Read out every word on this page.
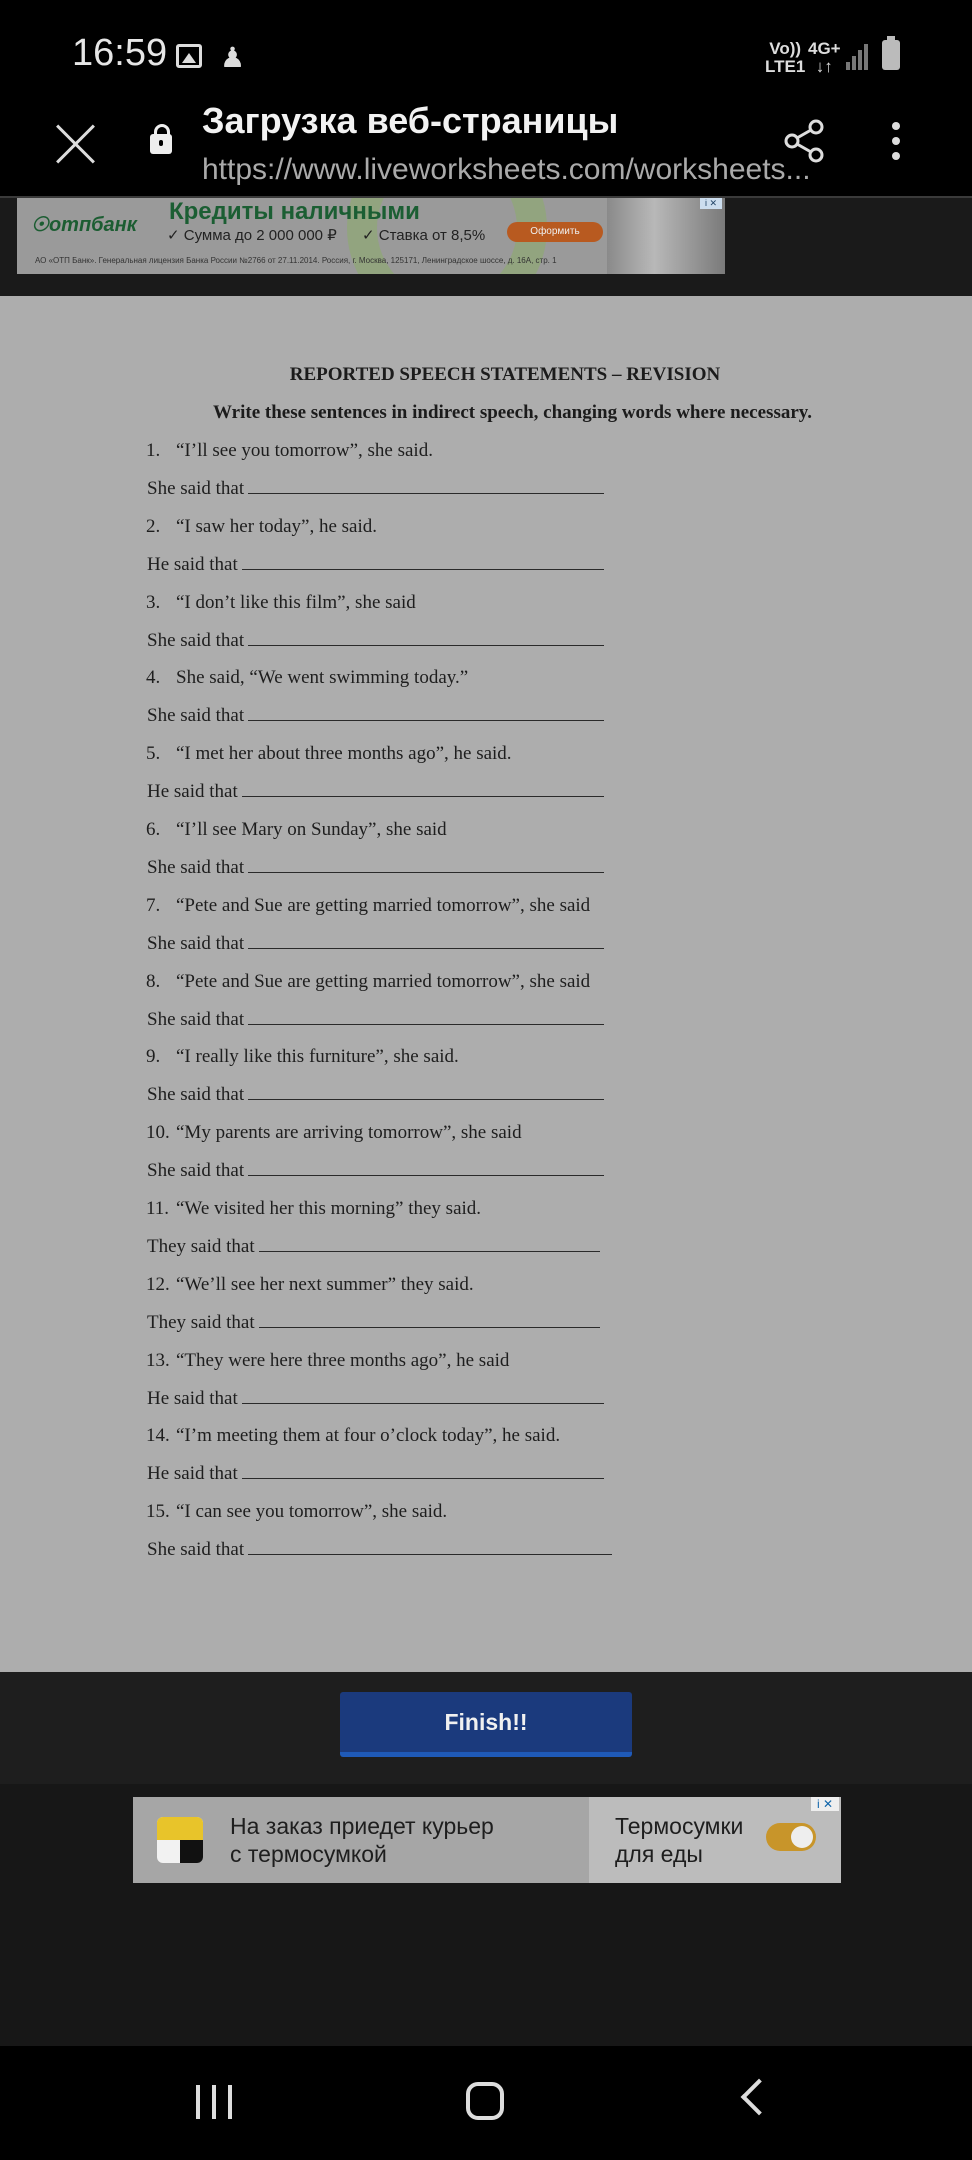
16:59 ♟	Vo))
LTE1
4G+
↓↑
Загрузка веб-страницы
https://www.liveworksheets.com/worksheets...
☉ отпбанк Кредиты наличными
✓ Сумма до 2 000 000 ₽ ✓ Ставка от 8,5%	Оформить
АО «ОТП Банк». Генеральная лицензия Банка России №2766 от 27.11.2014. Россия, г. Москва, 125171, Ленинградское шоссе, д. 16А, стр. 1
i ✕
REPORTED SPEECH STATEMENTS – REVISION
Write these sentences in indirect speech, changing words where necessary.
1. “I’ll see you tomorrow”, she said.
She said that
2. “I saw her today”, he said.
He said that
3. “I don’t like this film”, she said
She said that
4. She said, “We went swimming today.”
She said that
5. “I met her about three months ago”, he said.
He said that
6. “I’ll see Mary on Sunday”, she said
She said that
7. “Pete and Sue are getting married tomorrow”, she said
She said that
8. “Pete and Sue are getting married tomorrow”, she said
She said that
9. “I really like this furniture”, she said.
She said that
10. “My parents are arriving tomorrow”, she said
She said that
11. “We visited her this morning” they said.
They said that
12. “We’ll see her next summer” they said.
They said that
13. “They were here three months ago”, he said
He said that
14. “I’m meeting them at four o’clock today”, he said.
He said that
15. “I can see you tomorrow”, she said.
She said that
Finish!!
На заказ приедет курьер
с термосумкой
Термосумки
для еды
i ✕
